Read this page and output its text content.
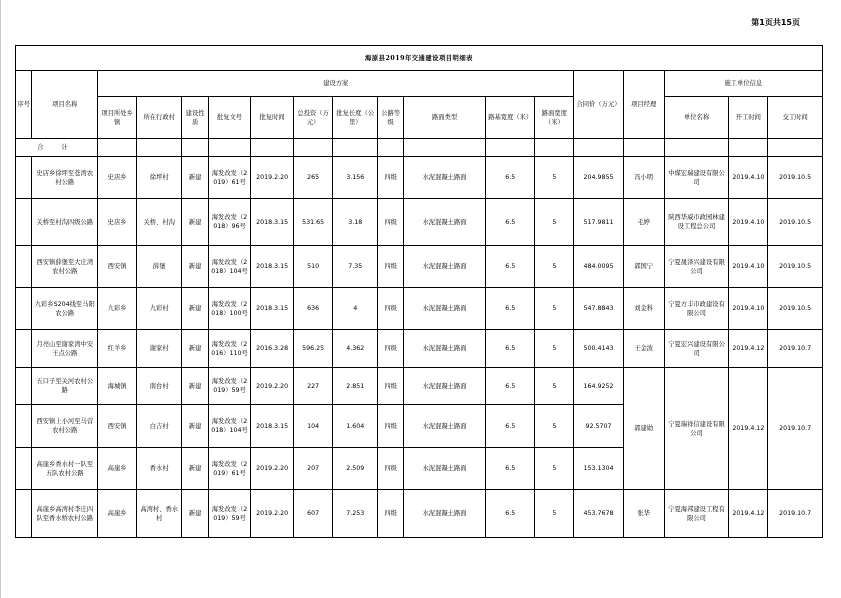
第1页共15页
海原县2019年交通建设项目明细表																	
序号	项目名称	建设方案											合同价（万元）	项目经理	施工单位信息		
		项目所处乡镇	所在行政村	建设性质	批复文号	批复时间	总投资（万元）	批复长度（公里）	公路等级	路面类型	路基宽度（米）	路面宽度（米）			单位名称	开工时间	交工时间
合 计																	
	史店乡徐坪至苍湾农村公路	史店乡	徐坪村	新建	海发改发（2019）61号	2019.2.20	265	3.156	四级	水泥混凝土路面	6.5	5	204.9855	冯小明	中煤宏瑞建设有限公司	2019.4.10	2019.10.5
	关桥至村沟四级公路	史店乡	关桥、村沟	新建	海发改发（2018）96号	2018.3.15	531.65	3.18	四级	水泥混凝土路面	6.5	5	517.9811	毛婷	陕西华威市政园林建设工程总公司	2019.4.10	2019.10.5
	西安镇薛堡至大庄湾农村公路	西安镇	薛堡	新建	海发改发（2018）104号	2018.3.15	510	7.35	四级	水泥混凝土路面	6.5	5	484.0095	郭国宁	宁夏晟泽兴建设有限公司	2019.4.10	2019.10.5
	九彩乡S204线至马阳农公路	九彩乡	九彩村	新建	海发改发（2018）100号	2018.3.15	636	4	四级	水泥混凝土路面	6.5	5	547.8843	刘金科	宁夏方丰市政建设有限公司	2019.4.10	2019.10.5
	月亮山至谢家湾中安王点公路	红羊乡	谢家村	新建	海发改发（2016）110号	2016.3.28	596.25	4.362	四级	水泥混凝土路面	6.5	5	500.4143	王金波	宁夏宏兴建设有限公司	2019.4.12	2019.10.7
	五口子至关河农村公路	海城镇	南台村	新建	海发改发（2019）59号	2019.2.20	227	2.851	四级	水泥混凝土路面	6.5	5	164.9252	郭建勋	宁夏瑞祥信建设有限公司	2019.4.12	2019.10.7
	西安镇上小河至马营农村公路	西安镇	白吉村	新建	海发改发（2018）104号	2018.3.15	104	1.604	四级	水泥混凝土路面	6.5	5	92.5707				
	高崖乡香水村一队至五队农村公路	高崖乡	香水村	新建	海发改发（2019）61号	2019.2.20	207	2.509	四级	水泥混凝土路面	6.5	5	153.1304				
	高崖乡高湾村李庄四队至香水桥农村公路	高崖乡	高湾村、香水村	新建	海发改发（2019）59号	2019.2.20	607	7.253	四级	水泥混凝土路面	6.5	5	453.7678	张华	宁夏海邦建设工程有限公司	2019.4.12	2019.10.7
